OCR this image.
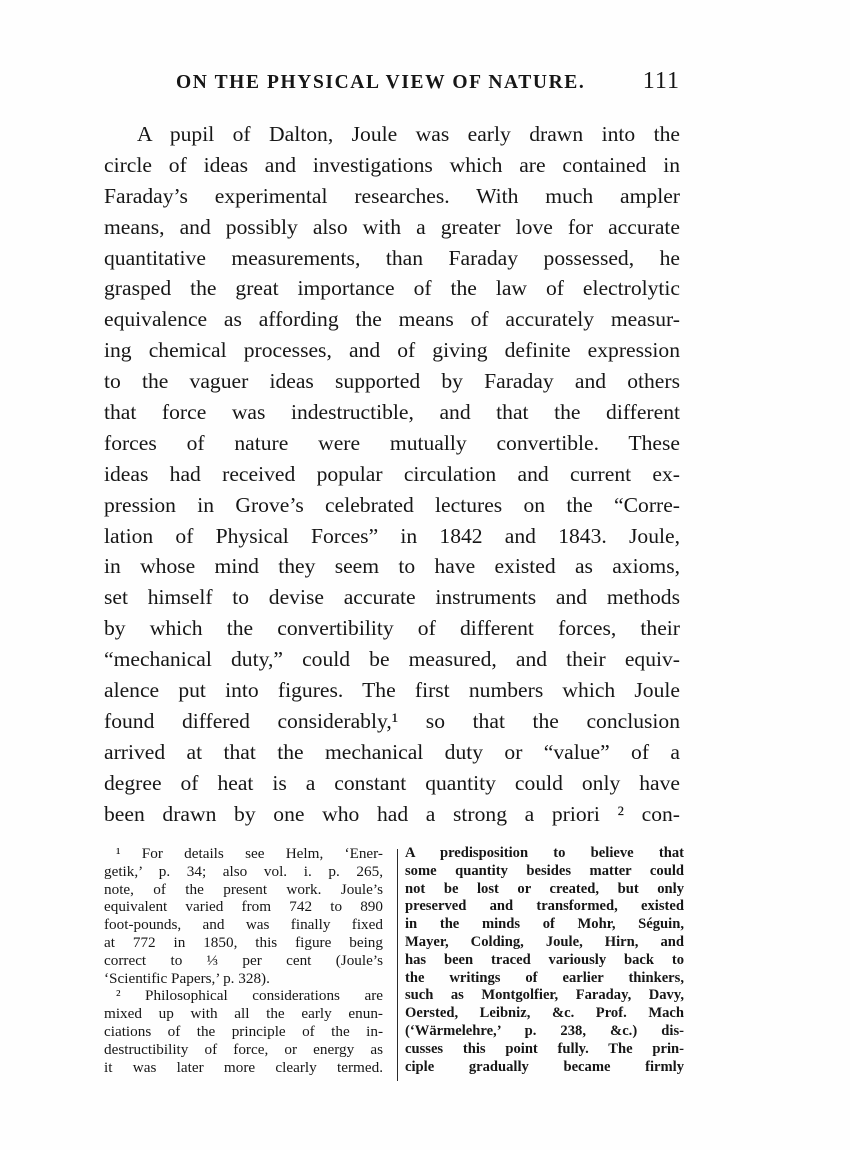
ON THE PHYSICAL VIEW OF NATURE. 111
A pupil of Dalton, Joule was early drawn into the
circle of ideas and investigations which are contained in
Faraday’s experimental researches. With much ampler
means, and possibly also with a greater love for accurate
quantitative measurements, than Faraday possessed, he
grasped the great importance of the law of electrolytic
equivalence as affording the means of accurately measur-
ing chemical processes, and of giving definite expression
to the vaguer ideas supported by Faraday and others
that force was indestructible, and that the different
forces of nature were mutually convertible. These
ideas had received popular circulation and current ex-
pression in Grove’s celebrated lectures on the “Corre-
lation of Physical Forces” in 1842 and 1843. Joule,
in whose mind they seem to have existed as axioms,
set himself to devise accurate instruments and methods
by which the convertibility of different forces, their
“mechanical duty,” could be measured, and their equiv-
alence put into figures. The first numbers which Joule
found differed considerably,¹ so that the conclusion
arrived at that the mechanical duty or “value” of a
degree of heat is a constant quantity could only have
been drawn by one who had a strong a priori ² con-
¹ For details see Helm, ‘Ener-
getik,’ p. 34; also vol. i. p. 265,
note, of the present work. Joule’s
equivalent varied from 742 to 890
foot-pounds, and was finally fixed
at 772 in 1850, this figure being
correct to ⅓ per cent (Joule’s
‘Scientific Papers,’ p. 328).
² Philosophical considerations are
mixed up with all the early enun-
ciations of the principle of the in-
destructibility of force, or energy as
it was later more clearly termed.
A predisposition to believe that
some quantity besides matter could
not be lost or created, but only
preserved and transformed, existed
in the minds of Mohr, Séguin,
Mayer, Colding, Joule, Hirn, and
has been traced variously back to
the writings of earlier thinkers,
such as Montgolfier, Faraday, Davy,
Oersted, Leibniz, &c. Prof. Mach
(‘Wärmelehre,’ p. 238, &c.) dis-
cusses this point fully. The prin-
ciple gradually became firmly
